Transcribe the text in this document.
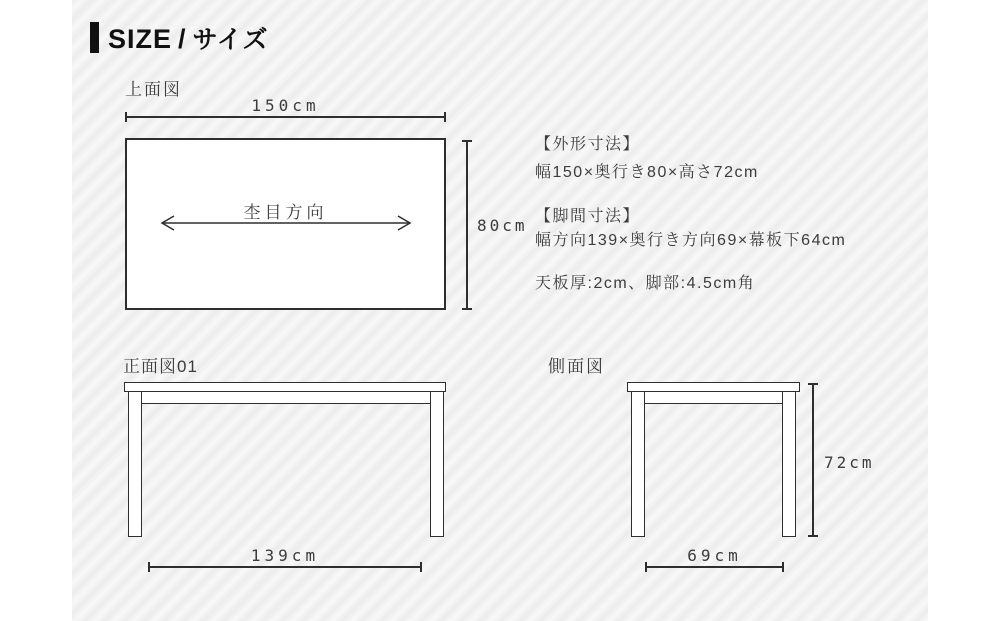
SIZE / サイズ
上面図
150cm
杢目方向
80cm
【外形寸法】
幅150×奥行き80×高さ72cm
【脚間寸法】
幅方向139×奥行き方向69×幕板下64cm
天板厚:2cm、脚部:4.5cm角
正面図01
139cm
側面図
72cm
69cm
